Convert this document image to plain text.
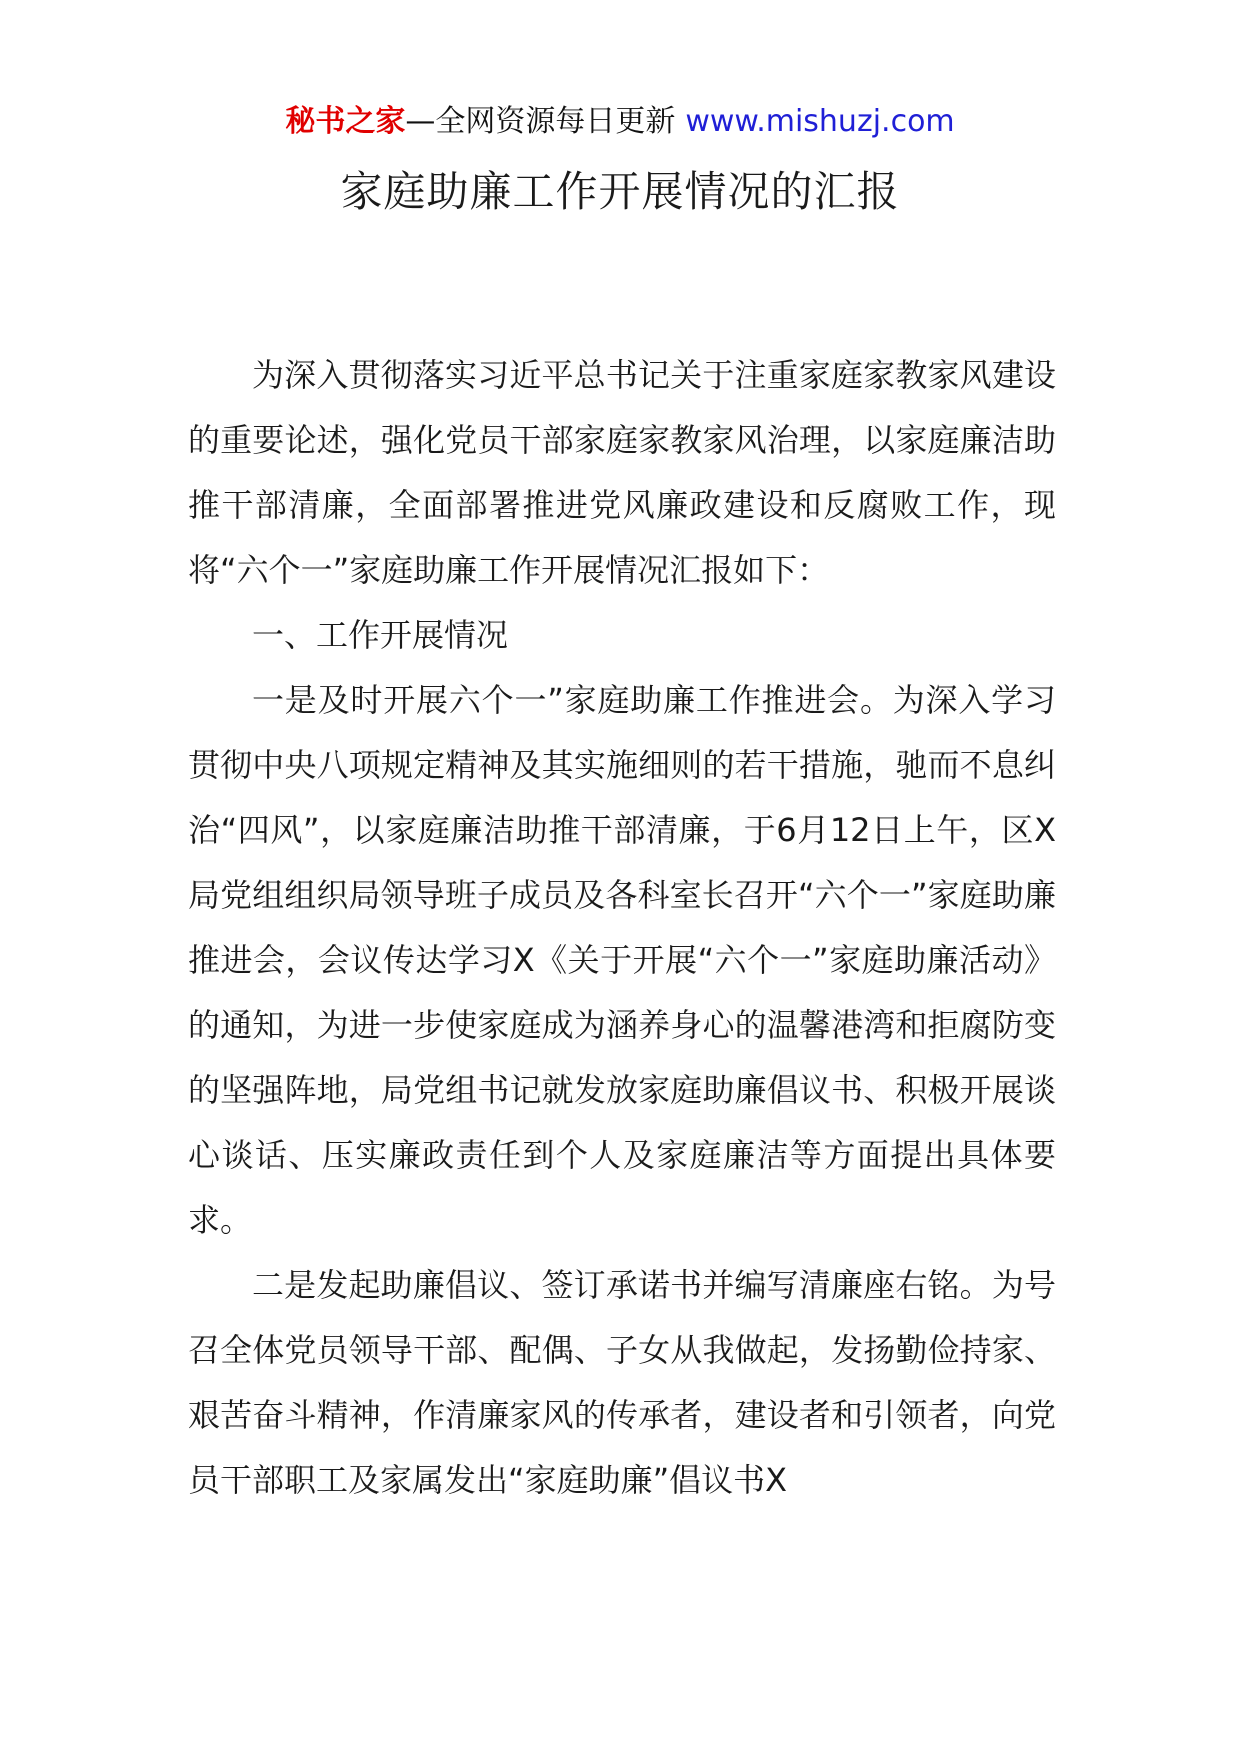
秘书之家—全网资源每日更新 www.mishuzj.com
家庭助廉工作开展情况的汇报

为深入贯彻落实习近平总书记关于注重家庭家教家风建设的重要论述，强化党员干部家庭家教家风治理，以家庭廉洁助推干部清廉，全面部署推进党风廉政建设和反腐败工作，现将“六个一”家庭助廉工作开展情况汇报如下：

一、工作开展情况

一是及时开展六个一”家庭助廉工作推进会。为深入学习贯彻中央八项规定精神及其实施细则的若干措施，驰而不息纠治“四风”，以家庭廉洁助推干部清廉，于6月12日上午，区X局党组组织局领导班子成员及各科室长召开“六个一”家庭助廉推进会，会议传达学习X《关于开展“六个一”家庭助廉活动》的通知，为进一步使家庭成为涵养身心的温馨港湾和拒腐防变的坚强阵地，局党组书记就发放家庭助廉倡议书、积极开展谈心谈话、压实廉政责任到个人及家庭廉洁等方面提出具体要求。

二是发起助廉倡议、签订承诺书并编写清廉座右铭。为号召全体党员领导干部、配偶、子女从我做起，发扬勤俭持家、艰苦奋斗精神，作清廉家风的传承者，建设者和引领者，向党员干部职工及家属发出“家庭助廉”倡议书X
